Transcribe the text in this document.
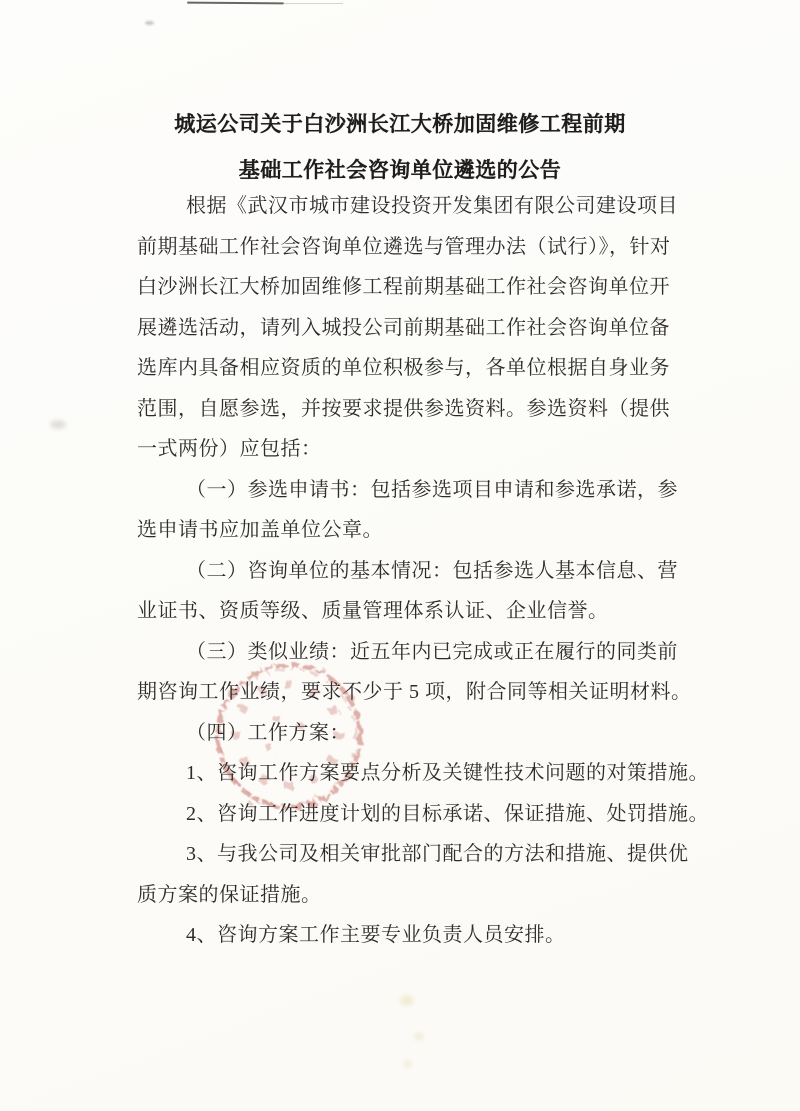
城运公司关于白沙洲长江大桥加固维修工程前期
基础工作社会咨询单位遴选的公告
根据《武汉市城市建设投资开发集团有限公司建设项目
前期基础工作社会咨询单位遴选与管理办法（试行）》，针对
白沙洲长江大桥加固维修工程前期基础工作社会咨询单位开
展遴选活动，请列入城投公司前期基础工作社会咨询单位备
选库内具备相应资质的单位积极参与，各单位根据自身业务
范围，自愿参选，并按要求提供参选资料。参选资料（提供
一式两份）应包括：
（一）参选申请书：包括参选项目申请和参选承诺，参
选申请书应加盖单位公章。
（二）咨询单位的基本情况：包括参选人基本信息、营
业证书、资质等级、质量管理体系认证、企业信誉。
（三）类似业绩：近五年内已完成或正在履行的同类前
期咨询工作业绩，要求不少于 5 项，附合同等相关证明材料。
（四）工作方案：
1、咨询工作方案要点分析及关键性技术问题的对策措施。
2、咨询工作进度计划的目标承诺、保证措施、处罚措施。
3、与我公司及相关审批部门配合的方法和措施、提供优
质方案的保证措施。
4、咨询方案工作主要专业负责人员安排。
